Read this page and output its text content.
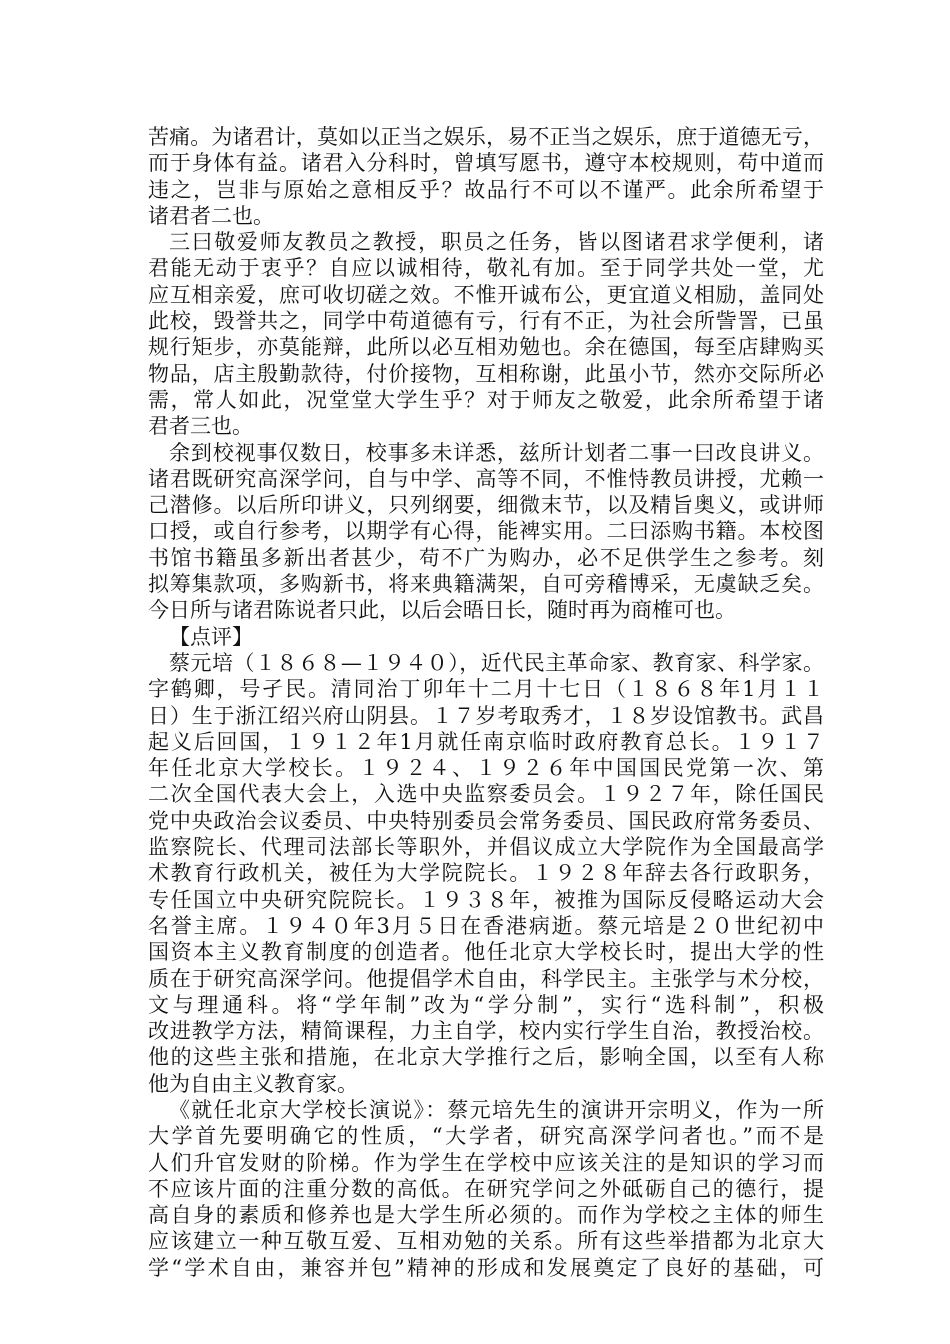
苦痛。为诸君计，莫如以正当之娱乐，易不正当之娱乐，庶于道德无亏，
而于身体有益。诸君入分科时，曾填写愿书，遵守本校规则，苟中道而
违之，岂非与原始之意相反乎？故品行不可以不谨严。此余所希望于
诸君者二也。
三曰敬爱师友教员之教授，职员之任务，皆以图诸君求学便利，诸
君能无动于衷乎？自应以诚相待，敬礼有加。至于同学共处一堂，尤
应互相亲爱，庶可收切磋之效。不惟开诚布公，更宜道义相励，盖同处
此校，毁誉共之，同学中苟道德有亏，行有不正，为社会所訾詈，已虽
规行矩步，亦莫能辩，此所以必互相劝勉也。余在德国，每至店肆购买
物品，店主殷勤款待，付价接物，互相称谢，此虽小节，然亦交际所必
需，常人如此，况堂堂大学生乎？对于师友之敬爱，此余所希望于诸
君者三也。
余到校视事仅数日，校事多未详悉，兹所计划者二事一曰改良讲义。
诸君既研究高深学问，自与中学、高等不同，不惟恃教员讲授，尤赖一
己潜修。以后所印讲义，只列纲要，细微末节，以及精旨奥义，或讲师
口授，或自行参考，以期学有心得，能裨实用。二曰添购书籍。本校图
书馆书籍虽多新出者甚少，苟不广为购办，必不足供学生之参考。刻
拟筹集款项，多购新书，将来典籍满架，自可旁稽博采，无虞缺乏矣。
今日所与诸君陈说者只此，以后会晤日长，随时再为商榷可也。
【点评】
蔡元培（１８６８—１９４０），近代民主革命家、教育家、科学家。
字鹤卿，号孑民。清同治丁卯年十二月十七日（１８６８年1月１１
日）生于浙江绍兴府山阴县。１７岁考取秀才，１８岁设馆教书。武昌
起义后回国，１９１２年1月就任南京临时政府教育总长。１９１７
年任北京大学校长。１９２４、１９２６年中国国民党第一次、第
二次全国代表大会上，入选中央监察委员会。１９２７年，除任国民
党中央政治会议委员、中央特别委员会常务委员、国民政府常务委员、
监察院长、代理司法部长等职外，并倡议成立大学院作为全国最高学
术教育行政机关，被任为大学院院长。１９２８年辞去各行政职务，
专任国立中央研究院院长。１９３８年，被推为国际反侵略运动大会
名誉主席。１９４０年3月５日在香港病逝。蔡元培是２０世纪初中
国资本主义教育制度的创造者。他任北京大学校长时，提出大学的性
质在于研究高深学问。他提倡学术自由，科学民主。主张学与术分校，
文与理通科。将“学年制”改为“学分制”，实行“选科制”，积极
改进教学方法，精简课程，力主自学，校内实行学生自治，教授治校。
他的这些主张和措施，在北京大学推行之后，影响全国，以至有人称
他为自由主义教育家。
《就任北京大学校长演说》：蔡元培先生的演讲开宗明义，作为一所
大学首先要明确它的性质，“大学者，研究高深学问者也。”而不是
人们升官发财的阶梯。作为学生在学校中应该关注的是知识的学习而
不应该片面的注重分数的高低。在研究学问之外砥砺自己的德行，提
高自身的素质和修养也是大学生所必须的。而作为学校之主体的师生
应该建立一种互敬互爱、互相劝勉的关系。所有这些举措都为北京大
学“学术自由，兼容并包”精神的形成和发展奠定了良好的基础，可
